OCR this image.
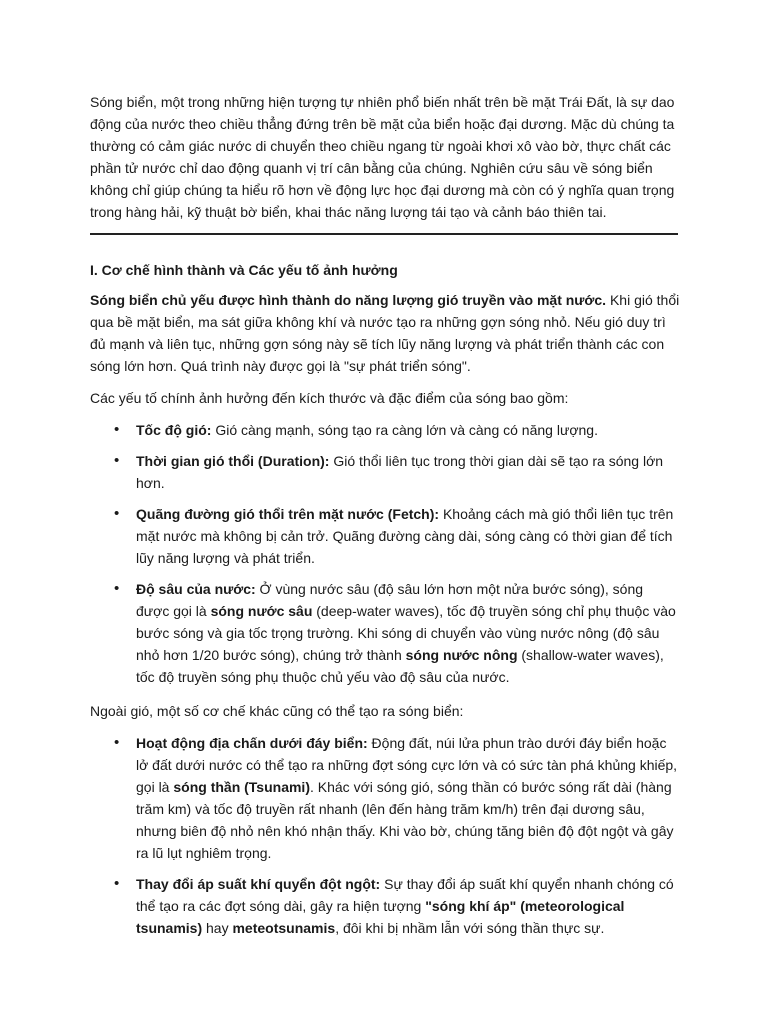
Sóng biển, một trong những hiện tượng tự nhiên phổ biến nhất trên bề mặt Trái Đất, là sự dao động của nước theo chiều thẳng đứng trên bề mặt của biển hoặc đại dương. Mặc dù chúng ta thường có cảm giác nước di chuyển theo chiều ngang từ ngoài khơi xô vào bờ, thực chất các phần tử nước chỉ dao động quanh vị trí cân bằng của chúng. Nghiên cứu sâu về sóng biển không chỉ giúp chúng ta hiểu rõ hơn về động lực học đại dương mà còn có ý nghĩa quan trọng trong hàng hải, kỹ thuật bờ biển, khai thác năng lượng tái tạo và cảnh báo thiên tai.

I. Cơ chế hình thành và Các yếu tố ảnh hưởng

Sóng biển chủ yếu được hình thành do năng lượng gió truyền vào mặt nước. Khi gió thổi qua bề mặt biển, ma sát giữa không khí và nước tạo ra những gợn sóng nhỏ. Nếu gió duy trì đủ mạnh và liên tục, những gợn sóng này sẽ tích lũy năng lượng và phát triển thành các con sóng lớn hơn. Quá trình này được gọi là "sự phát triển sóng".

Các yếu tố chính ảnh hưởng đến kích thước và đặc điểm của sóng bao gồm:

• Tốc độ gió: Gió càng mạnh, sóng tạo ra càng lớn và càng có năng lượng.
• Thời gian gió thổi (Duration): Gió thổi liên tục trong thời gian dài sẽ tạo ra sóng lớn hơn.
• Quãng đường gió thổi trên mặt nước (Fetch): Khoảng cách mà gió thổi liên tục trên mặt nước mà không bị cản trở. Quãng đường càng dài, sóng càng có thời gian để tích lũy năng lượng và phát triển.
• Độ sâu của nước: Ở vùng nước sâu (độ sâu lớn hơn một nửa bước sóng), sóng được gọi là sóng nước sâu (deep-water waves), tốc độ truyền sóng chỉ phụ thuộc vào bước sóng và gia tốc trọng trường. Khi sóng di chuyển vào vùng nước nông (độ sâu nhỏ hơn 1/20 bước sóng), chúng trở thành sóng nước nông (shallow-water waves), tốc độ truyền sóng phụ thuộc chủ yếu vào độ sâu của nước.

Ngoài gió, một số cơ chế khác cũng có thể tạo ra sóng biển:

• Hoạt động địa chấn dưới đáy biển: Động đất, núi lửa phun trào dưới đáy biển hoặc lở đất dưới nước có thể tạo ra những đợt sóng cực lớn và có sức tàn phá khủng khiếp, gọi là sóng thần (Tsunami). Khác với sóng gió, sóng thần có bước sóng rất dài (hàng trăm km) và tốc độ truyền rất nhanh (lên đến hàng trăm km/h) trên đại dương sâu, nhưng biên độ nhỏ nên khó nhận thấy. Khi vào bờ, chúng tăng biên độ đột ngột và gây ra lũ lụt nghiêm trọng.
• Thay đổi áp suất khí quyển đột ngột: Sự thay đổi áp suất khí quyển nhanh chóng có thể tạo ra các đợt sóng dài, gây ra hiện tượng "sóng khí áp" (meteorological tsunamis) hay meteotsunamis, đôi khi bị nhầm lẫn với sóng thần thực sự.
